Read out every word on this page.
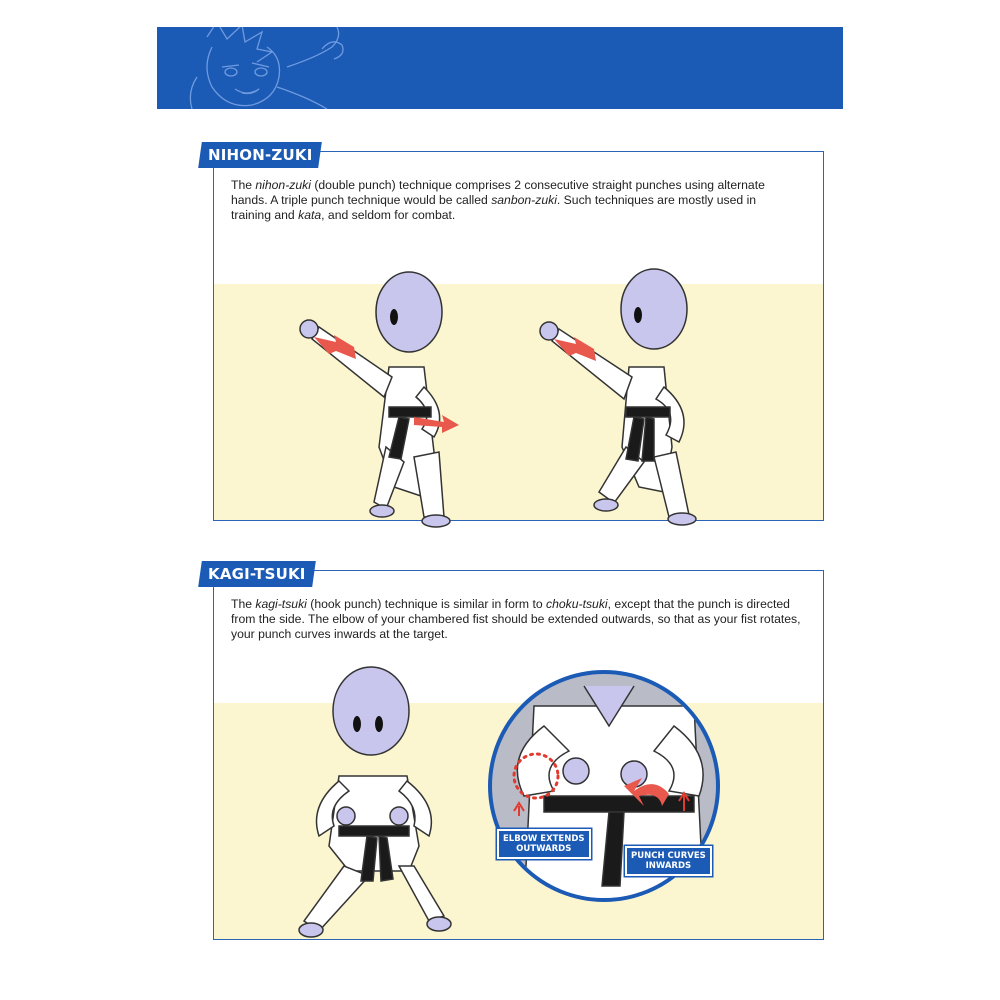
The nihon-zuki (double punch) technique comprises 2 consecutive straight punches using alternate hands. A triple punch technique would be called sanbon-zuki. Such techniques are mostly used in training and kata, and seldom for combat.
NIHON-ZUKI
The kagi-tsuki (hook punch) technique is similar in form to choku-tsuki, except that the punch is directed from the side. The elbow of your chambered fist should be extended outwards, so that as your fist rotates, your punch curves inwards at the target.
ELBOW EXTENDS
OUTWARDS
PUNCH CURVES
INWARDS
KAGI-TSUKI
